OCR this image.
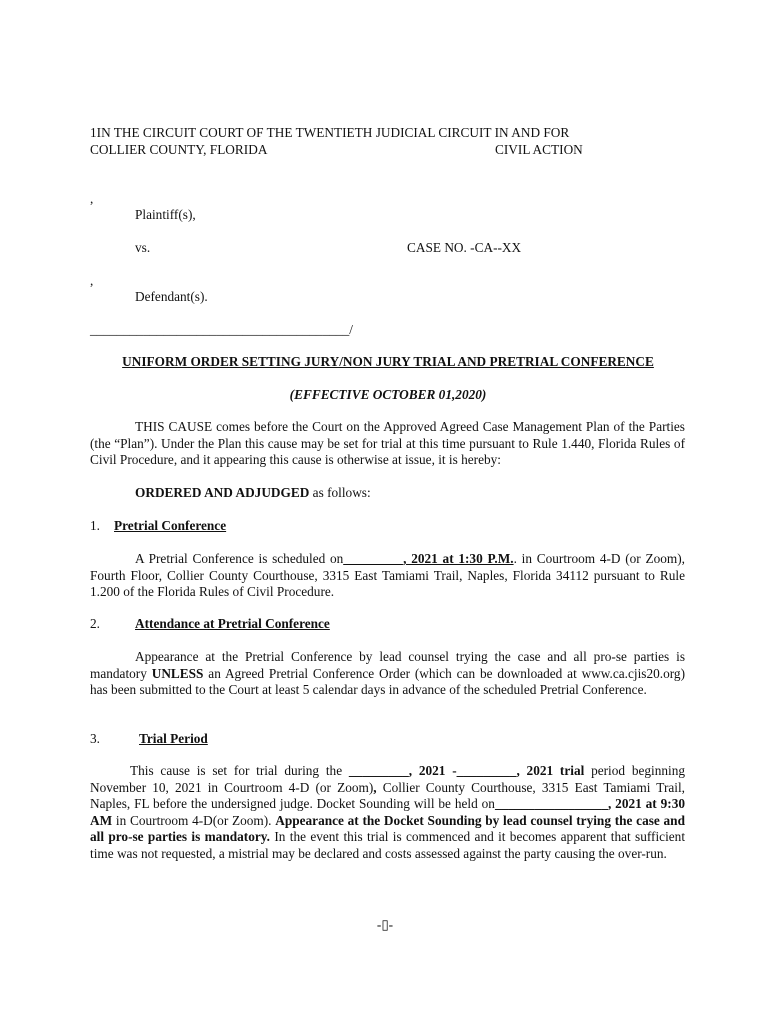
1IN THE CIRCUIT COURT OF THE TWENTIETH JUDICIAL CIRCUIT IN AND FOR
COLLIER COUNTY, FLORIDA	CIVIL ACTION
,
Plaintiff(s),
vs.	CASE NO. -CA--XX
,
Defendant(s).
_______________________________________/
UNIFORM ORDER SETTING JURY/NON JURY TRIAL AND PRETRIAL CONFERENCE
(EFFECTIVE OCTOBER 01,2020)
THIS CAUSE comes before the Court on the Approved Agreed Case Management Plan of the Parties (the “Plan”). Under the Plan this cause may be set for trial at this time pursuant to Rule 1.440, Florida Rules of Civil Procedure, and it appearing this cause is otherwise at issue, it is hereby:
ORDERED AND ADJUDGED as follows:
1. Pretrial Conference
A Pretrial Conference is scheduled on_________, 2021 at 1:30 P.M.. in Courtroom 4-D (or Zoom), Fourth Floor, Collier County Courthouse, 3315 East Tamiami Trail, Naples, Florida 34112 pursuant to Rule 1.200 of the Florida Rules of Civil Procedure.
2.	Attendance at Pretrial Conference
Appearance at the Pretrial Conference by lead counsel trying the case and all pro-se parties is mandatory UNLESS an Agreed Pretrial Conference Order (which can be downloaded at www.ca.cjis20.org) has been submitted to the Court at least 5 calendar days in advance of the scheduled Pretrial Conference.
3.	Trial Period
This cause is set for trial during the _________, 2021 -_________, 2021 trial period beginning November 10, 2021 in Courtroom 4-D (or Zoom), Collier County Courthouse, 3315 East Tamiami Trail, Naples, FL before the undersigned judge. Docket Sounding will be held on_________________, 2021 at 9:30 AM in Courtroom 4-D(or Zoom). Appearance at the Docket Sounding by lead counsel trying the case and all pro-se parties is mandatory. In the event this trial is commenced and it becomes apparent that sufficient time was not requested, a mistrial may be declared and costs assessed against the party causing the over-run.
-▯-
